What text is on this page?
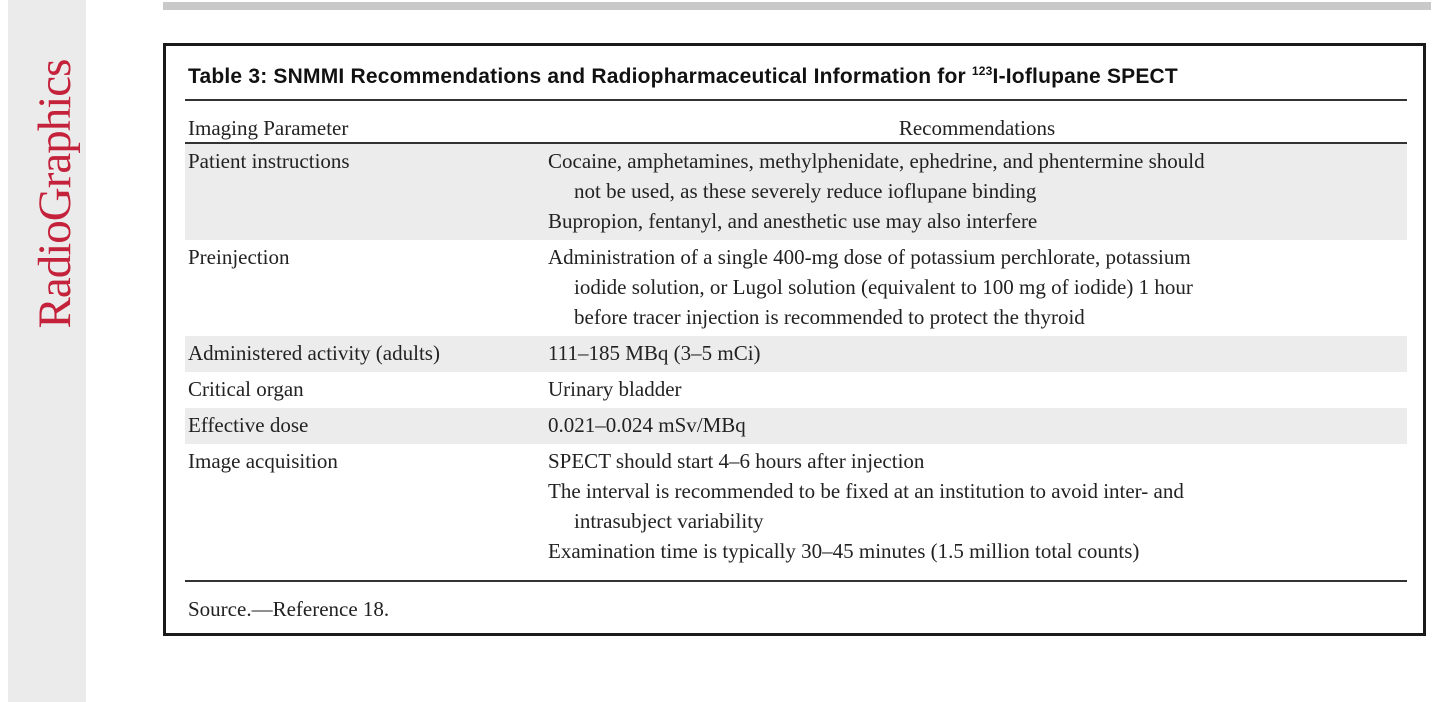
RadioGraphics	Table 3: SNMMI Recommendations and Radiopharmaceutical Information for $^{123}$I-Ioflupane SPECT
Imaging Parameter	Recommendations
Patient instructions	Cocaine, amphetamines, methylphenidate, ephedrine, and phentermine should
not be used, as these severely reduce ioflupane binding
Bupropion, fentanyl, and anesthetic use may also interfere
Preinjection	Administration of a single 400-mg dose of potassium perchlorate, potassium
iodide solution, or Lugol solution (equivalent to 100 mg of iodide) 1 hour
before tracer injection is recommended to protect the thyroid
Administered activity (adults)	111–185 MBq (3–5 mCi)
Critical organ	Urinary bladder
Effective dose	0.021–0.024 mSv/MBq
Image acquisition	SPECT should start 4–6 hours after injection
The interval is recommended to be fixed at an institution to avoid inter- and
intrasubject variability
Examination time is typically 30–45 minutes (1.5 million total counts)
Source.—Reference 18.
